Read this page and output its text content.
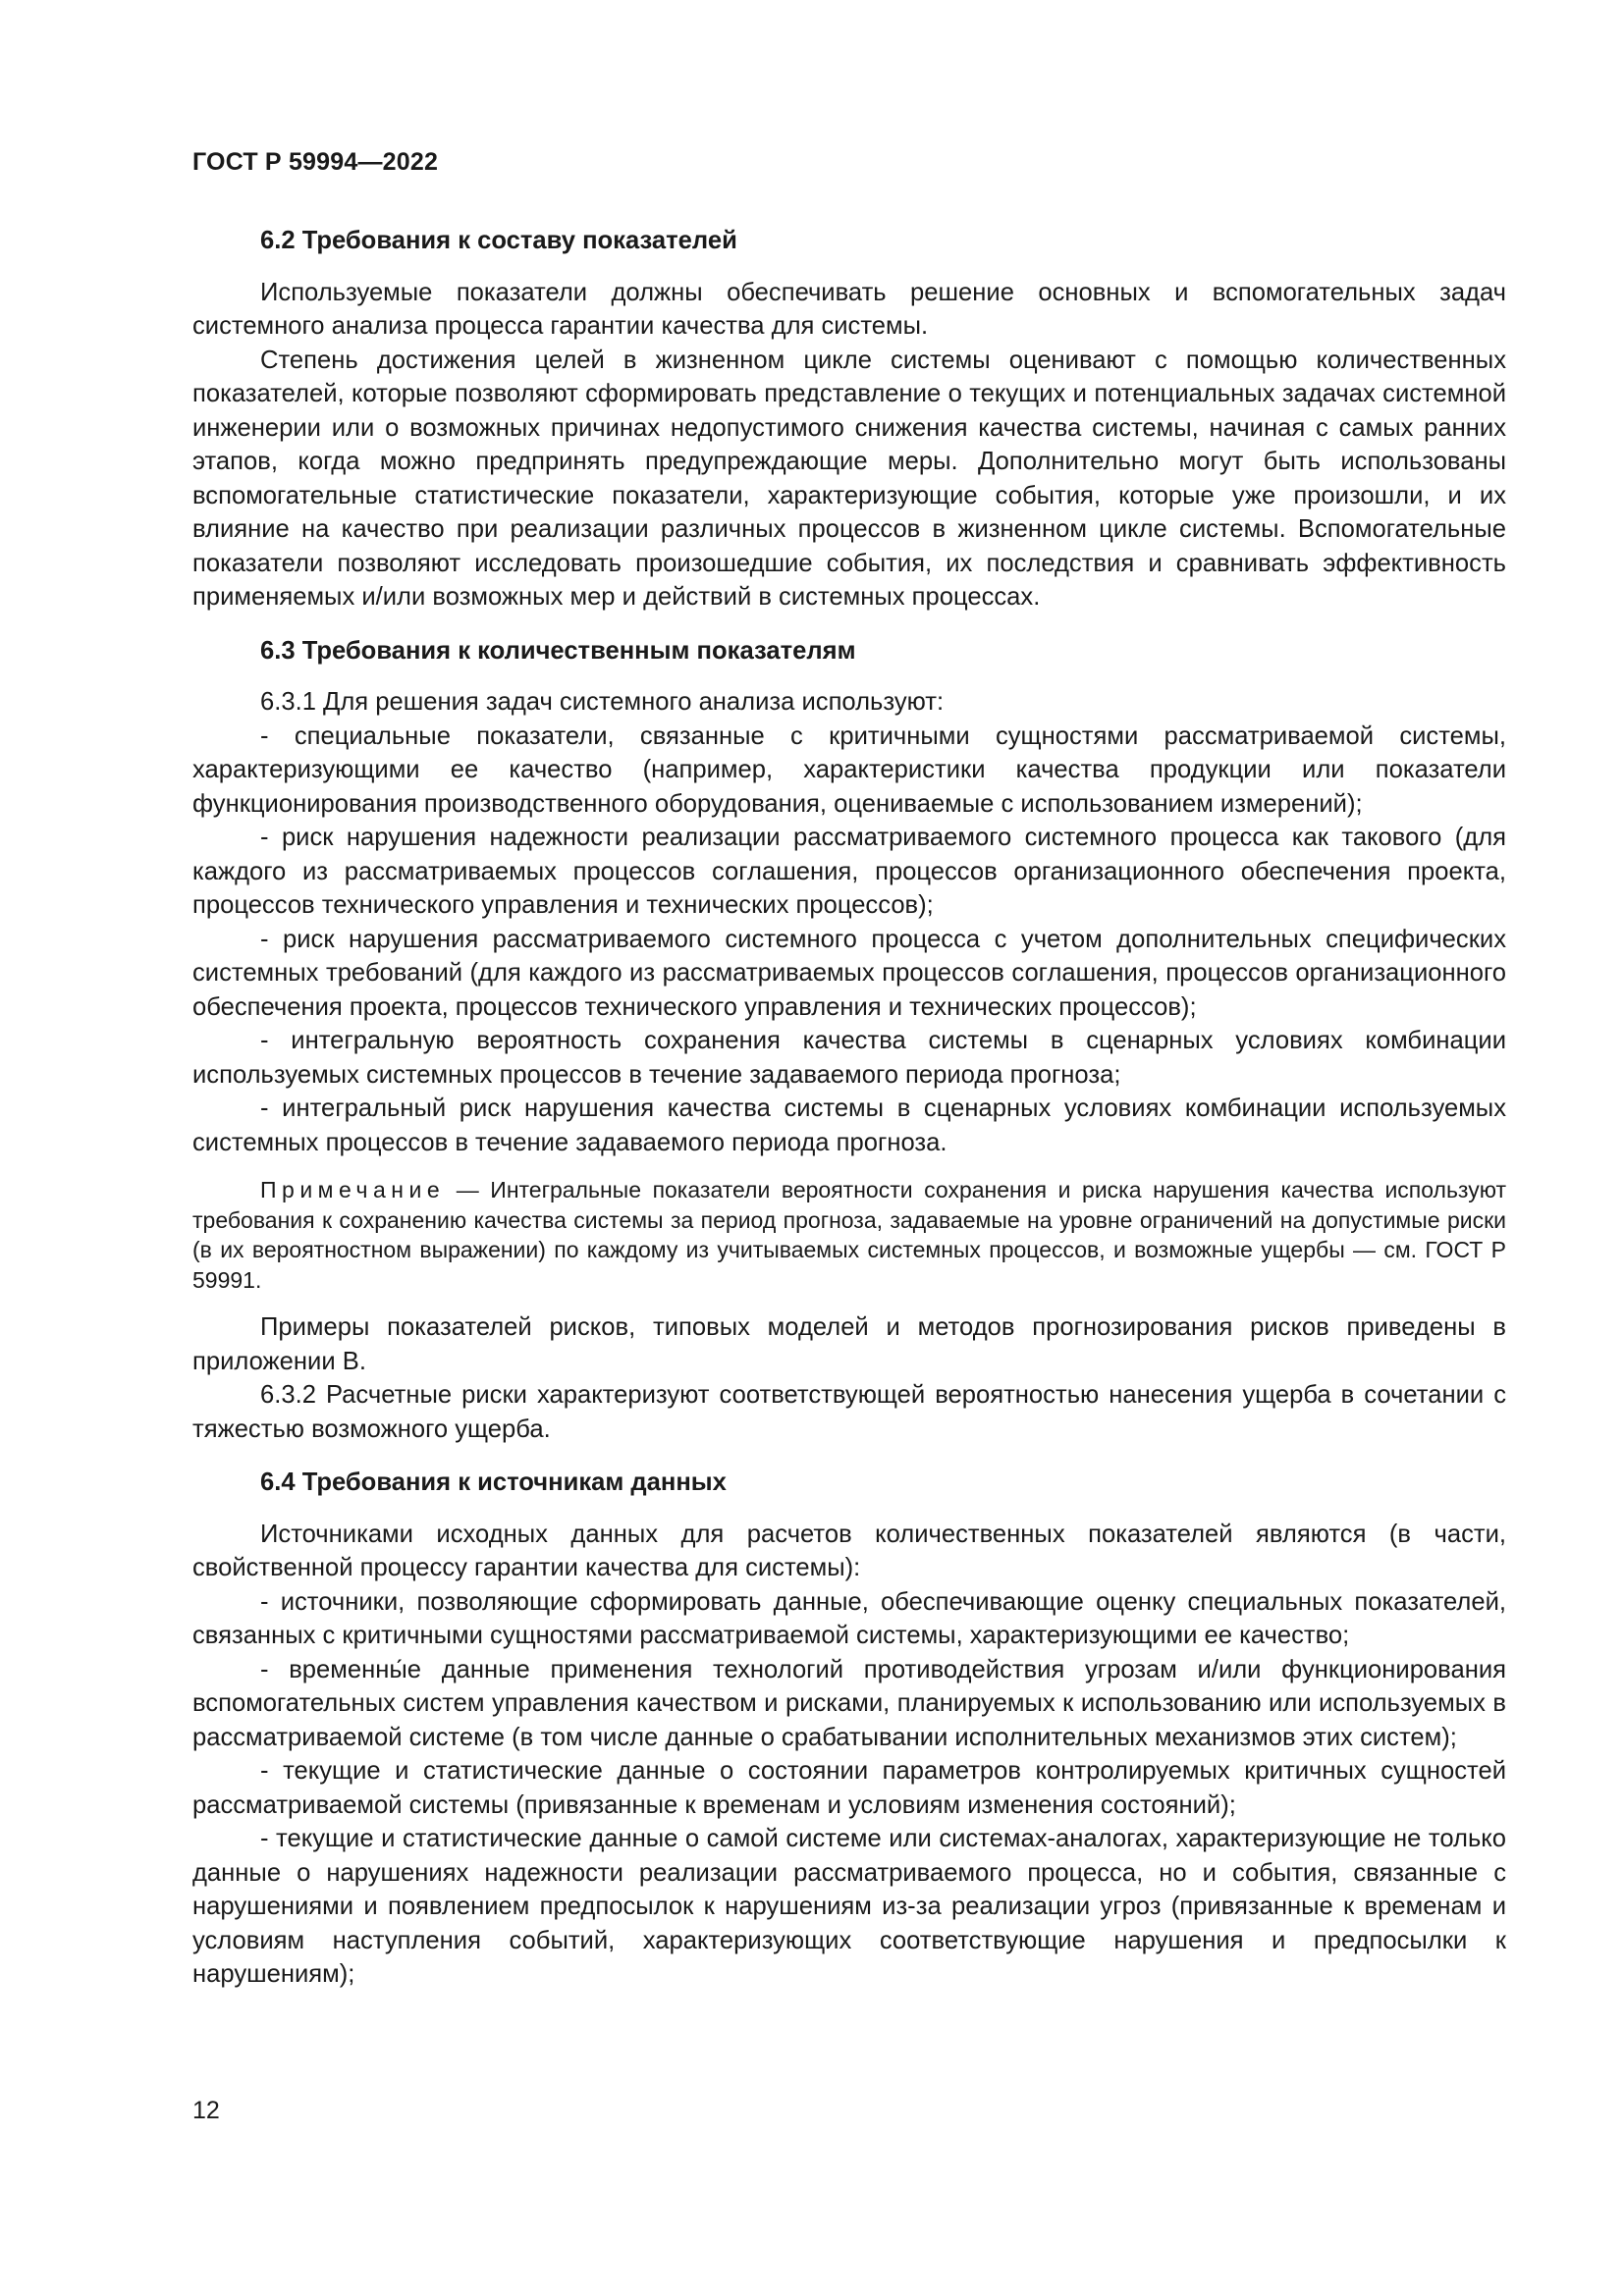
ГОСТ Р 59994—2022
6.2 Требования к составу показателей

Используемые показатели должны обеспечивать решение основных и вспомогательных задач системного анализа процесса гарантии качества для системы.

Степень достижения целей в жизненном цикле системы оценивают с помощью количественных показателей, которые позволяют сформировать представление о текущих и потенциальных задачах системной инженерии или о возможных причинах недопустимого снижения качества системы, начиная с самых ранних этапов, когда можно предпринять предупреждающие меры. Дополнительно могут быть использованы вспомогательные статистические показатели, характеризующие события, которые уже произошли, и их влияние на качество при реализации различных процессов в жизненном цикле системы. Вспомогательные показатели позволяют исследовать произошедшие события, их последствия и сравнивать эффективность применяемых и/или возможных мер и действий в системных процессах.

6.3 Требования к количественным показателям

6.3.1 Для решения задач системного анализа используют:

- специальные показатели, связанные с критичными сущностями рассматриваемой системы, характеризующими ее качество (например, характеристики качества продукции или показатели функционирования производственного оборудования, оцениваемые с использованием измерений);

- риск нарушения надежности реализации рассматриваемого системного процесса как такового (для каждого из рассматриваемых процессов соглашения, процессов организационного обеспечения проекта, процессов технического управления и технических процессов);

- риск нарушения рассматриваемого системного процесса с учетом дополнительных специфических системных требований (для каждого из рассматриваемых процессов соглашения, процессов организационного обеспечения проекта, процессов технического управления и технических процессов);

- интегральную вероятность сохранения качества системы в сценарных условиях комбинации используемых системных процессов в течение задаваемого периода прогноза;

- интегральный риск нарушения качества системы в сценарных условиях комбинации используемых системных процессов в течение задаваемого периода прогноза.

Примечание — Интегральные показатели вероятности сохранения и риска нарушения качества используют требования к сохранению качества системы за период прогноза, задаваемые на уровне ограничений на допустимые риски (в их вероятностном выражении) по каждому из учитываемых системных процессов, и возможные ущербы — см. ГОСТ Р 59991.

Примеры показателей рисков, типовых моделей и методов прогнозирования рисков приведены в приложении В.

6.3.2 Расчетные риски характеризуют соответствующей вероятностью нанесения ущерба в сочетании с тяжестью возможного ущерба.

6.4 Требования к источникам данных

Источниками исходных данных для расчетов количественных показателей являются (в части, свойственной процессу гарантии качества для системы):

- источники, позволяющие сформировать данные, обеспечивающие оценку специальных показателей, связанных с критичными сущностями рассматриваемой системы, характеризующими ее качество;

- временны́е данные применения технологий противодействия угрозам и/или функционирования вспомогательных систем управления качеством и рисками, планируемых к использованию или используемых в рассматриваемой системе (в том числе данные о срабатывании исполнительных механизмов этих систем);

- текущие и статистические данные о состоянии параметров контролируемых критичных сущностей рассматриваемой системы (привязанные к временам и условиям изменения состояний);

- текущие и статистические данные о самой системе или системах-аналогах, характеризующие не только данные о нарушениях надежности реализации рассматриваемого процесса, но и события, связанные с нарушениями и появлением предпосылок к нарушениям из-за реализации угроз (привязанные к временам и условиям наступления событий, характеризующих соответствующие нарушения и предпосылки к нарушениям);

12
